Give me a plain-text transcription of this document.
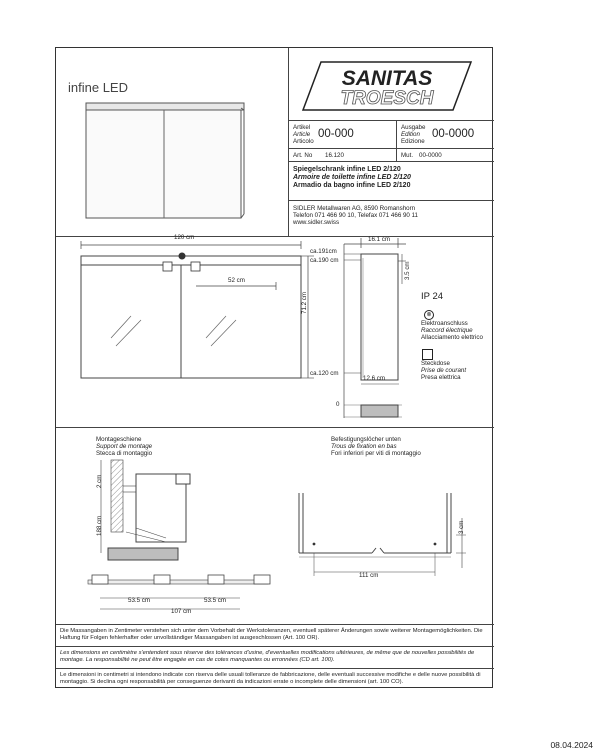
infine LED	SANITAS
TROESCH
Artikel
Article
Articolo
00-000
Ausgabe
Edition
Edizione
00-0000
Art. No 16.120	Mut. 00-0000
Spiegelschrank infine LED 2/120
Armoire de toilette infine LED 2/120
Armadio da bagno infine LED 2/120
SIDLER Metallwaren AG, 8590 Romanshorn
Telefon 071 466 90 10, Telefax 071 466 90 11
www.sidler.swiss
120 cm
52 cm
71.2 cm
16.1 cm
ca.191cm
ca.190 cm
3.5 cm
ca.120 cm
12.6 cm
0
IP 24
⊗
Elektroanschluss
Raccord électrique
Allacciamento elettrico
Steckdose
Prise de courant
Presa elettrica
Montageschiene
Support de montage
Stecca di montaggio
2 cm
188 cm
53.5 cm	53.5 cm
107 cm
Befestigungslöcher unten
Trous de fixation en bas
Fori inferiori per viti di montaggio
111 cm
3 cm
Die Massangaben in Zentimeter verstehen sich unter dem Vorbehalt der Werkstoleranzen, eventuell späterer Änderungen sowie weiterer Montagemöglichkeiten. Die Haftung für Folgen fehlerhafter oder unvollständiger Massangaben ist ausgeschlossen (Art. 100 OR).
Les dimensions en centimètre s'entendent sous réserve des tolérances d'usine, d'eventuelles modifications ultérieures, de même que de nouvelles possibilités de montage. La responsabilité ne peut être engagée en cas de cotes manquantes ou erronnées (CD art. 100).
Le dimensioni in centimetri si intendono indicate con riserva delle usuali tolleranze de fabbricazione, delle eventuali successive modifiche e delle nuove possibilità di montaggio. Si declina ogni responsabilità per conseguenze derivanti da indicazioni errate o incomplete delle dimensioni (art. 100 CO).
08.04.2024
